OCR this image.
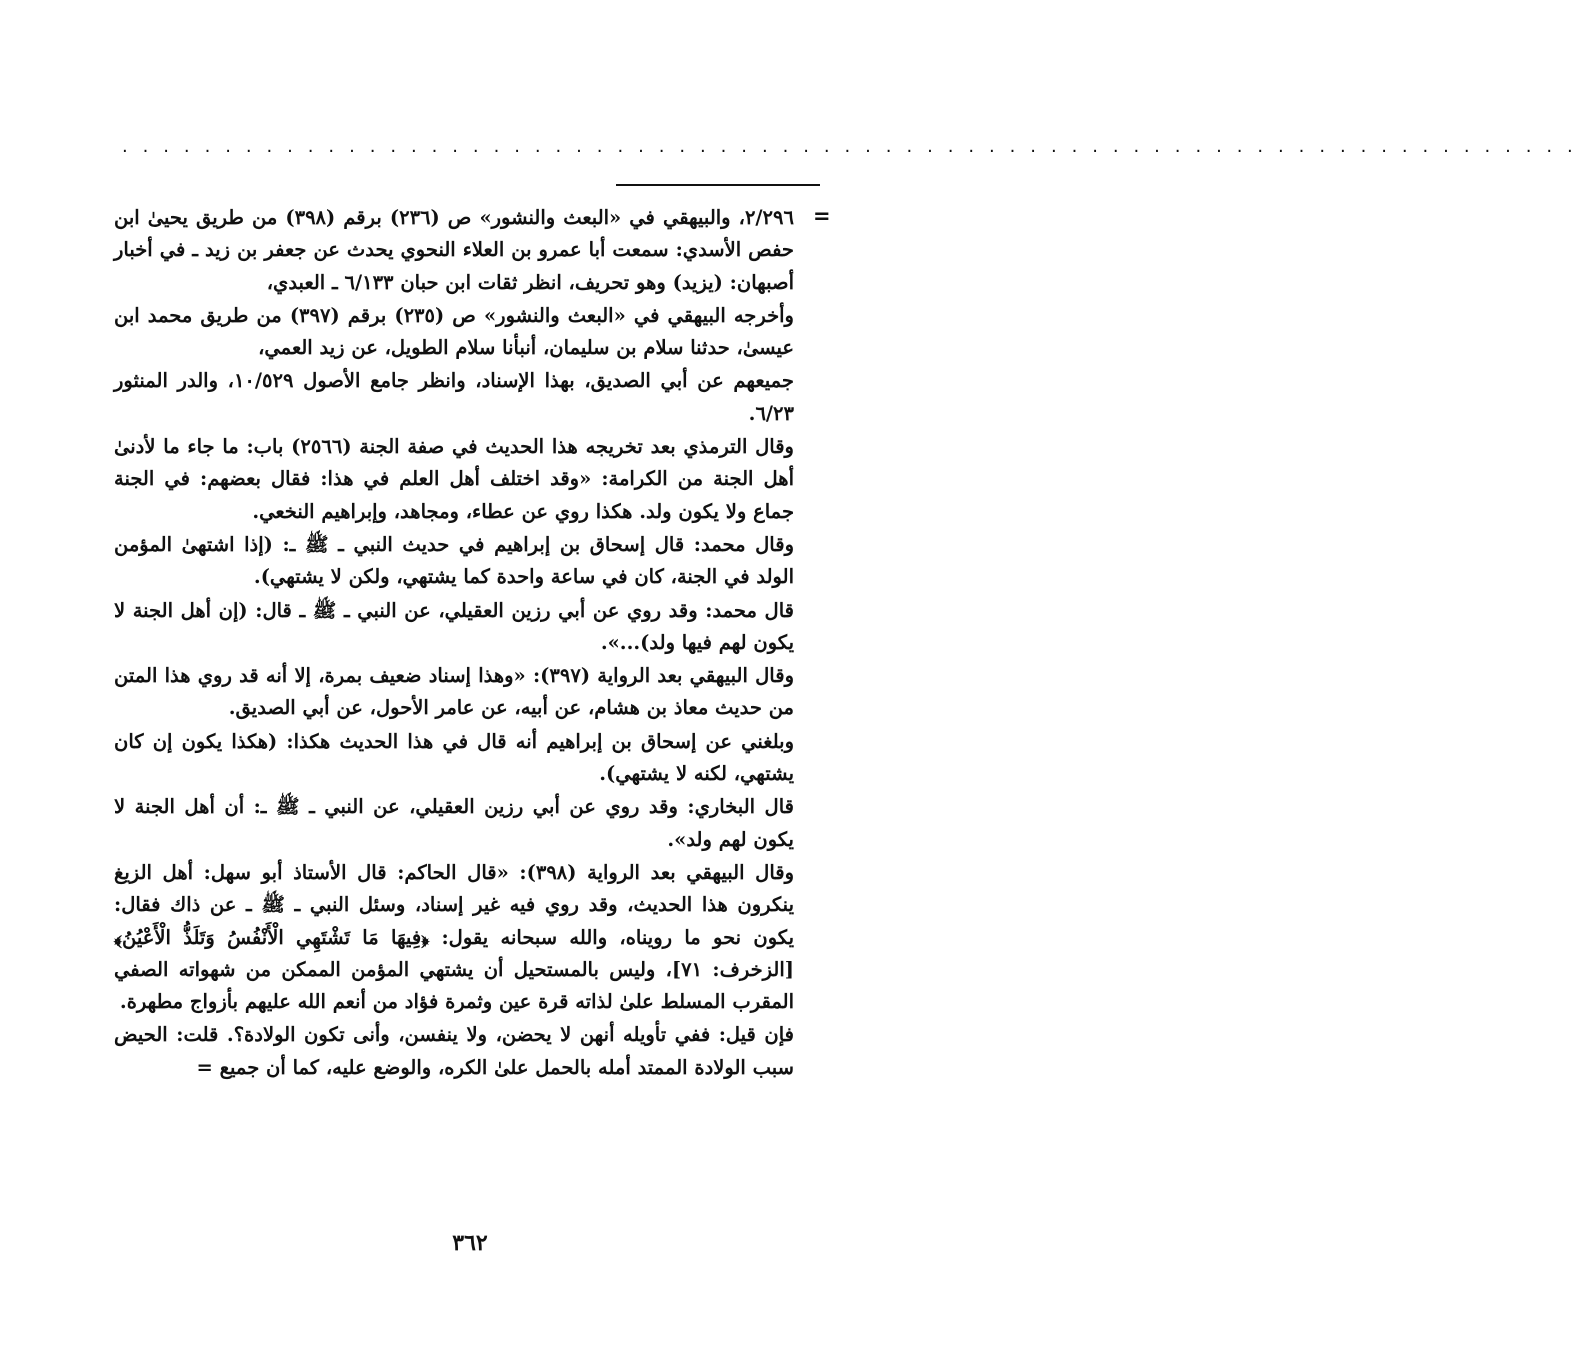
. . . . . . . . . . . . . . . . . . . . . . . . . . . . . . . . . . . . . . . . . . . . . . . . . . . . . . . . . . . . . . . . . . . . . . .
=

٢/٢٩٦، والبيهقي في «البعث والنشور» ص (٢٣٦) برقم (٣٩٨) من طريق يحيىٰ ابن حفص الأسدي: سمعت أبا عمرو بن العلاء النحوي يحدث عن جعفر بن زيد ـ في أخبار أصبهان: (يزيد) وهو تحريف، انظر ثقات ابن حبان ٦/١٣٣ ـ العبدي،

وأخرجه البيهقي في «البعث والنشور» ص (٢٣٥) برقم (٣٩٧) من طريق محمد ابن عيسىٰ، حدثنا سلام بن سليمان، أنبأنا سلام الطويل، عن زيد العمي،

جميعهم عن أبي الصديق، بهذا الإسناد، وانظر جامع الأصول ١٠/٥٢٩، والدر المنثور ٦/٢٣.

وقال الترمذي بعد تخريجه هذا الحديث في صفة الجنة (٢٥٦٦) باب: ما جاء ما لأدنىٰ أهل الجنة من الكرامة: «وقد اختلف أهل العلم في هذا: فقال بعضهم: في الجنة جماع ولا يكون ولد. هكذا روي عن عطاء، ومجاهد، وإبراهيم النخعي.

وقال محمد: قال إسحاق بن إبراهيم في حديث النبي ـ ﷺ ـ: (إذا اشتهىٰ المؤمن الولد في الجنة، كان في ساعة واحدة كما يشتهي، ولكن لا يشتهي).

قال محمد: وقد روي عن أبي رزين العقيلي، عن النبي ـ ﷺ ـ قال: (إن أهل الجنة لا يكون لهم فيها ولد)...».

وقال البيهقي بعد الرواية (٣٩٧): «وهذا إسناد ضعيف بمرة، إلا أنه قد روي هذا المتن من حديث معاذ بن هشام، عن أبيه، عن عامر الأحول، عن أبي الصديق.

وبلغني عن إسحاق بن إبراهيم أنه قال في هذا الحديث هكذا: (هكذا يكون إن كان يشتهي، لكنه لا يشتهي).

قال البخاري: وقد روي عن أبي رزين العقيلي، عن النبي ـ ﷺ ـ: أن أهل الجنة لا يكون لهم ولد».

وقال البيهقي بعد الرواية (٣٩٨): «قال الحاكم: قال الأستاذ أبو سهل: أهل الزيغ ينكرون هذا الحديث، وقد روي فيه غير إسناد، وسئل النبي ـ ﷺ ـ عن ذاك فقال: يكون نحو ما رويناه، والله سبحانه يقول: ﴿فِيهَا مَا تَشْتَهِي الْأَنْفُسُ وَتَلَذُّ الْأَعْيُنُ﴾ [الزخرف: ٧١]، وليس بالمستحيل أن يشتهي المؤمن الممكن من شهواته الصفي المقرب المسلط علىٰ لذاته قرة عين وثمرة فؤاد من أنعم الله عليهم بأزواج مطهرة.

فإن قيل: ففي تأويله أنهن لا يحضن، ولا ينفسن، وأنى تكون الولادة؟. قلت: الحيض سبب الولادة الممتد أمله بالحمل علىٰ الكره، والوضع عليه، كما أن جميع =

٣٦٢
